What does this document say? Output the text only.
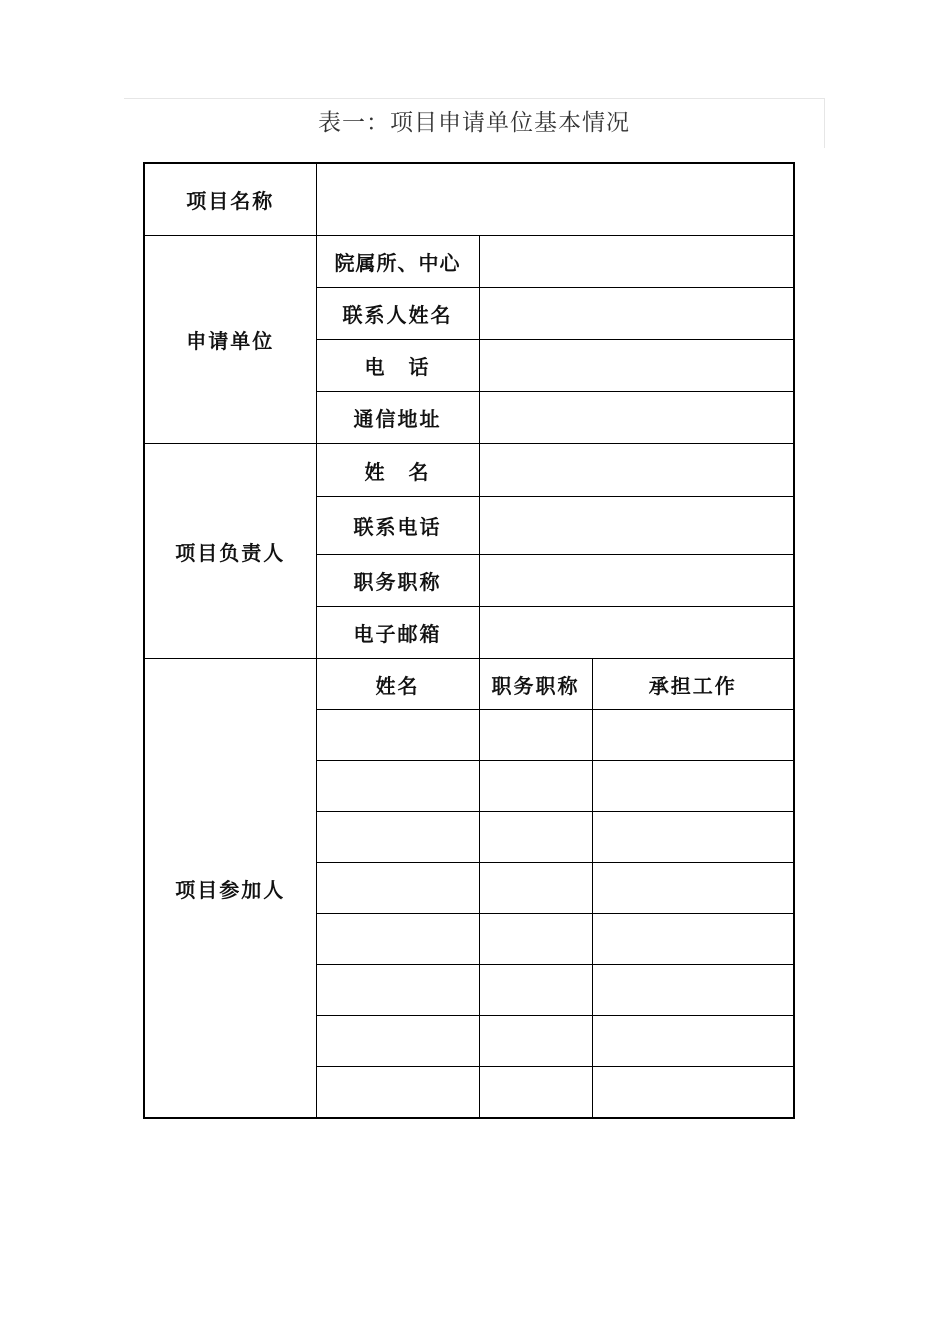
表一：项目申请单位基本情况
项目名称			
申请单位	院属所、中心		
	联系人姓名		
	电　话		
	通信地址		
项目负责人	姓　名		
	联系电话		
	职务职称		
	电子邮箱		
项目参加人	姓名	职务职称	承担工作
